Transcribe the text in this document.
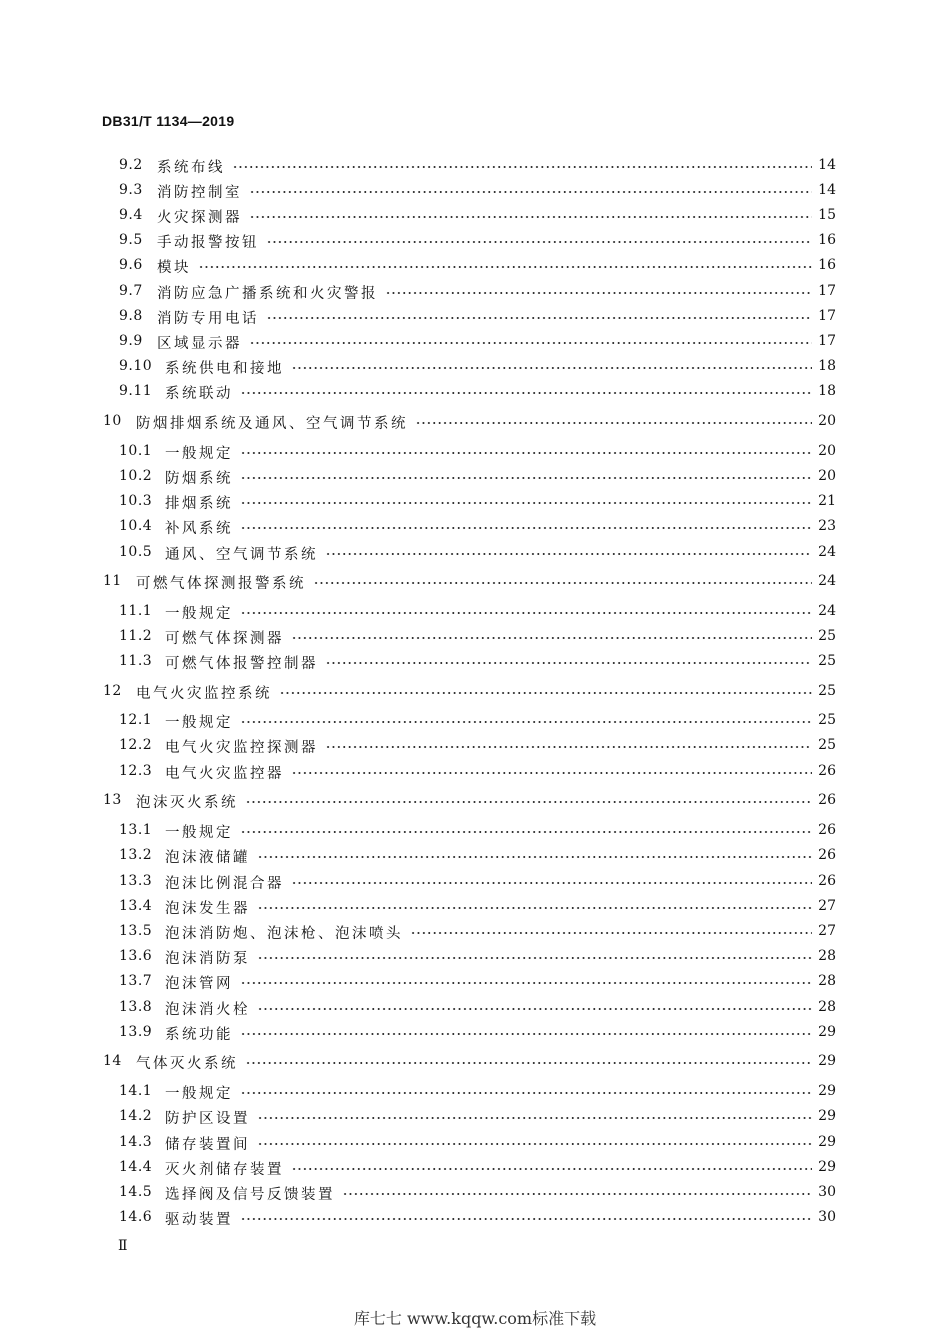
DB31/T 1134—2019
9.2 系统布线	14
9.3 消防控制室	14
9.4 火灾探测器	15
9.5 手动报警按钮	16
9.6 模块	16
9.7 消防应急广播系统和火灾警报	17
9.8 消防专用电话	17
9.9 区域显示器	17
9.10 系统供电和接地	18
9.11 系统联动	18
10 防烟排烟系统及通风、空气调节系统	20
10.1 一般规定	20
10.2 防烟系统	20
10.3 排烟系统	21
10.4 补风系统	23
10.5 通风、空气调节系统	24
11 可燃气体探测报警系统	24
11.1 一般规定	24
11.2 可燃气体探测器	25
11.3 可燃气体报警控制器	25
12 电气火灾监控系统	25
12.1 一般规定	25
12.2 电气火灾监控探测器	25
12.3 电气火灾监控器	26
13 泡沫灭火系统	26
13.1 一般规定	26
13.2 泡沫液储罐	26
13.3 泡沫比例混合器	26
13.4 泡沫发生器	27
13.5 泡沫消防炮、泡沫枪、泡沫喷头	27
13.6 泡沫消防泵	28
13.7 泡沫管网	28
13.8 泡沫消火栓	28
13.9 系统功能	29
14 气体灭火系统	29
14.1 一般规定	29
14.2 防护区设置	29
14.3 储存装置间	29
14.4 灭火剂储存装置	29
14.5 选择阀及信号反馈装置	30
14.6 驱动装置	30
Ⅱ
库七七 www.kqqw.com标准下载
